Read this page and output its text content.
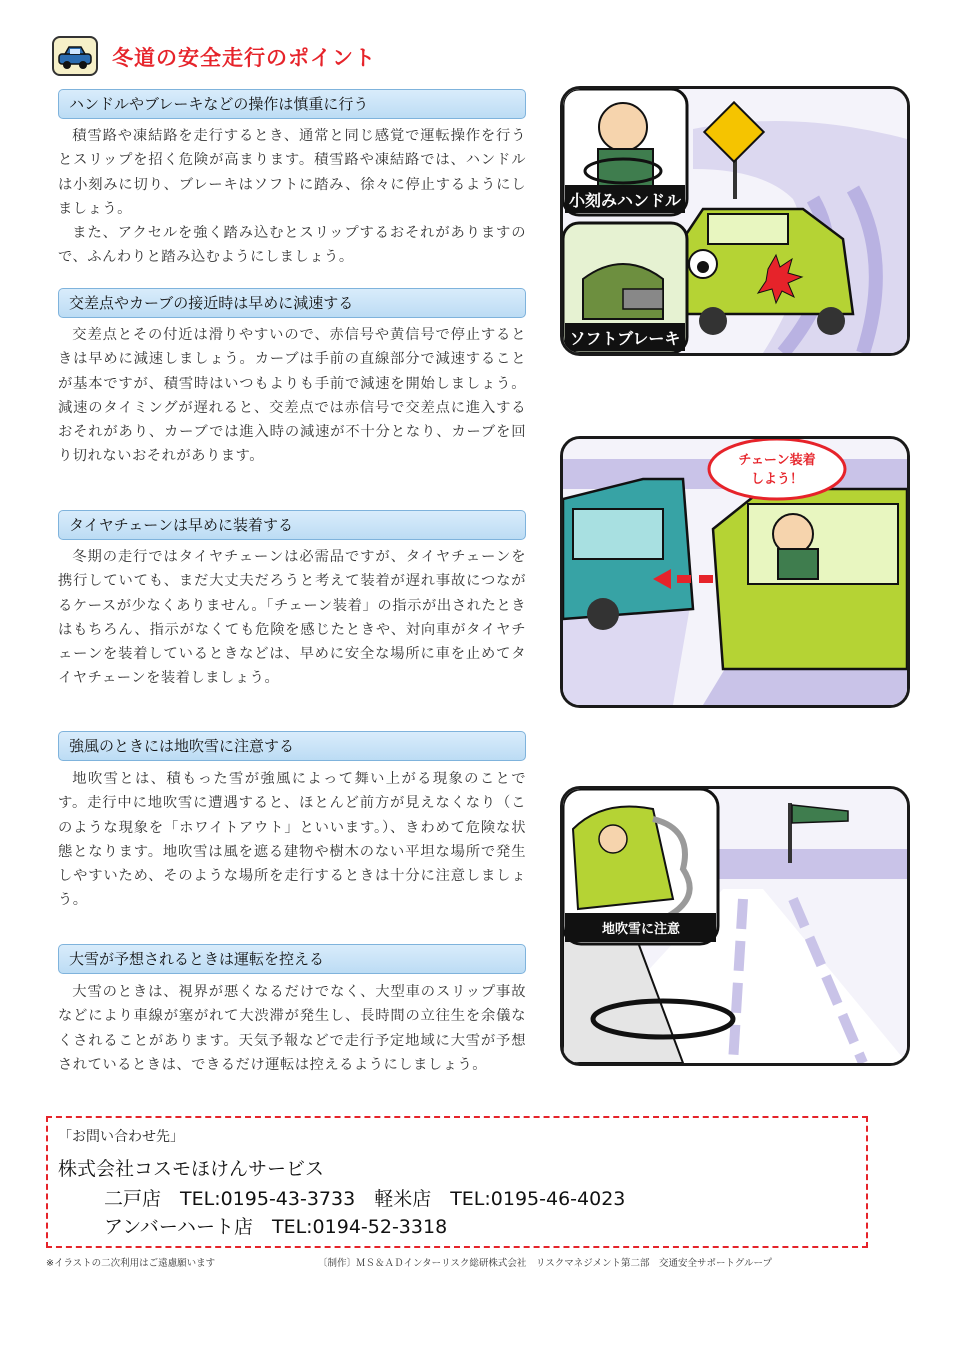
冬道の安全走行のポイント
ハンドルやブレーキなどの操作は慎重に行う
積雪路や凍結路を走行するとき、通常と同じ感覚で運転操作を行うとスリップを招く危険が高まります。積雪路や凍結路では、ハンドルは小刻みに切り、ブレーキはソフトに踏み、徐々に停止するようにしましょう。
また、アクセルを強く踏み込むとスリップするおそれがありますので、ふんわりと踏み込むようにしましょう。
交差点やカーブの接近時は早めに減速する
交差点とその付近は滑りやすいので、赤信号や黄信号で停止するときは早めに減速しましょう。カーブは手前の直線部分で減速することが基本ですが、積雪時はいつもよりも手前で減速を開始しましょう。減速のタイミングが遅れると、交差点では赤信号で交差点に進入するおそれがあり、カーブでは進入時の減速が不十分となり、カーブを回り切れないおそれがあります。
タイヤチェーンは早めに装着する
冬期の走行ではタイヤチェーンは必需品ですが、タイヤチェーンを携行していても、まだ大丈夫だろうと考えて装着が遅れ事故につながるケースが少なくありません。「チェーン装着」の指示が出されたときはもちろん、指示がなくても危険を感じたときや、対向車がタイヤチェーンを装着しているときなどは、早めに安全な場所に車を止めてタイヤチェーンを装着しましょう。
強風のときには地吹雪に注意する
地吹雪とは、積もった雪が強風によって舞い上がる現象のことです。走行中に地吹雪に遭遇すると、ほとんど前方が見えなくなり（このような現象を「ホワイトアウト」といいます。）、きわめて危険な状態となります。地吹雪は風を遮る建物や樹木のない平坦な場所で発生しやすいため、そのような場所を走行するときは十分に注意しましょう。
大雪が予想されるときは運転を控える
大雪のときは、視界が悪くなるだけでなく、大型車のスリップ事故などにより車線が塞がれて大渋滞が発生し、長時間の立往生を余儀なくされることがあります。天気予報などで走行予定地域に大雪が予想されているときは、できるだけ運転は控えるようにしましょう。
小刻みハンドル
ソフトブレーキ
チェーン装着
しよう！
地吹雪に注意
「お問い合わせ先」
株式会社コスモほけんサービス
二戸店　TEL:0195-43-3733　軽米店　TEL:0195-46-4023
アンバーハート店　TEL:0194-52-3318
※イラストの二次利用はご遠慮願います	〔制作〕ＭＳ＆ＡＤインターリスク総研株式会社　リスクマネジメント第二部　交通安全サポートグループ
